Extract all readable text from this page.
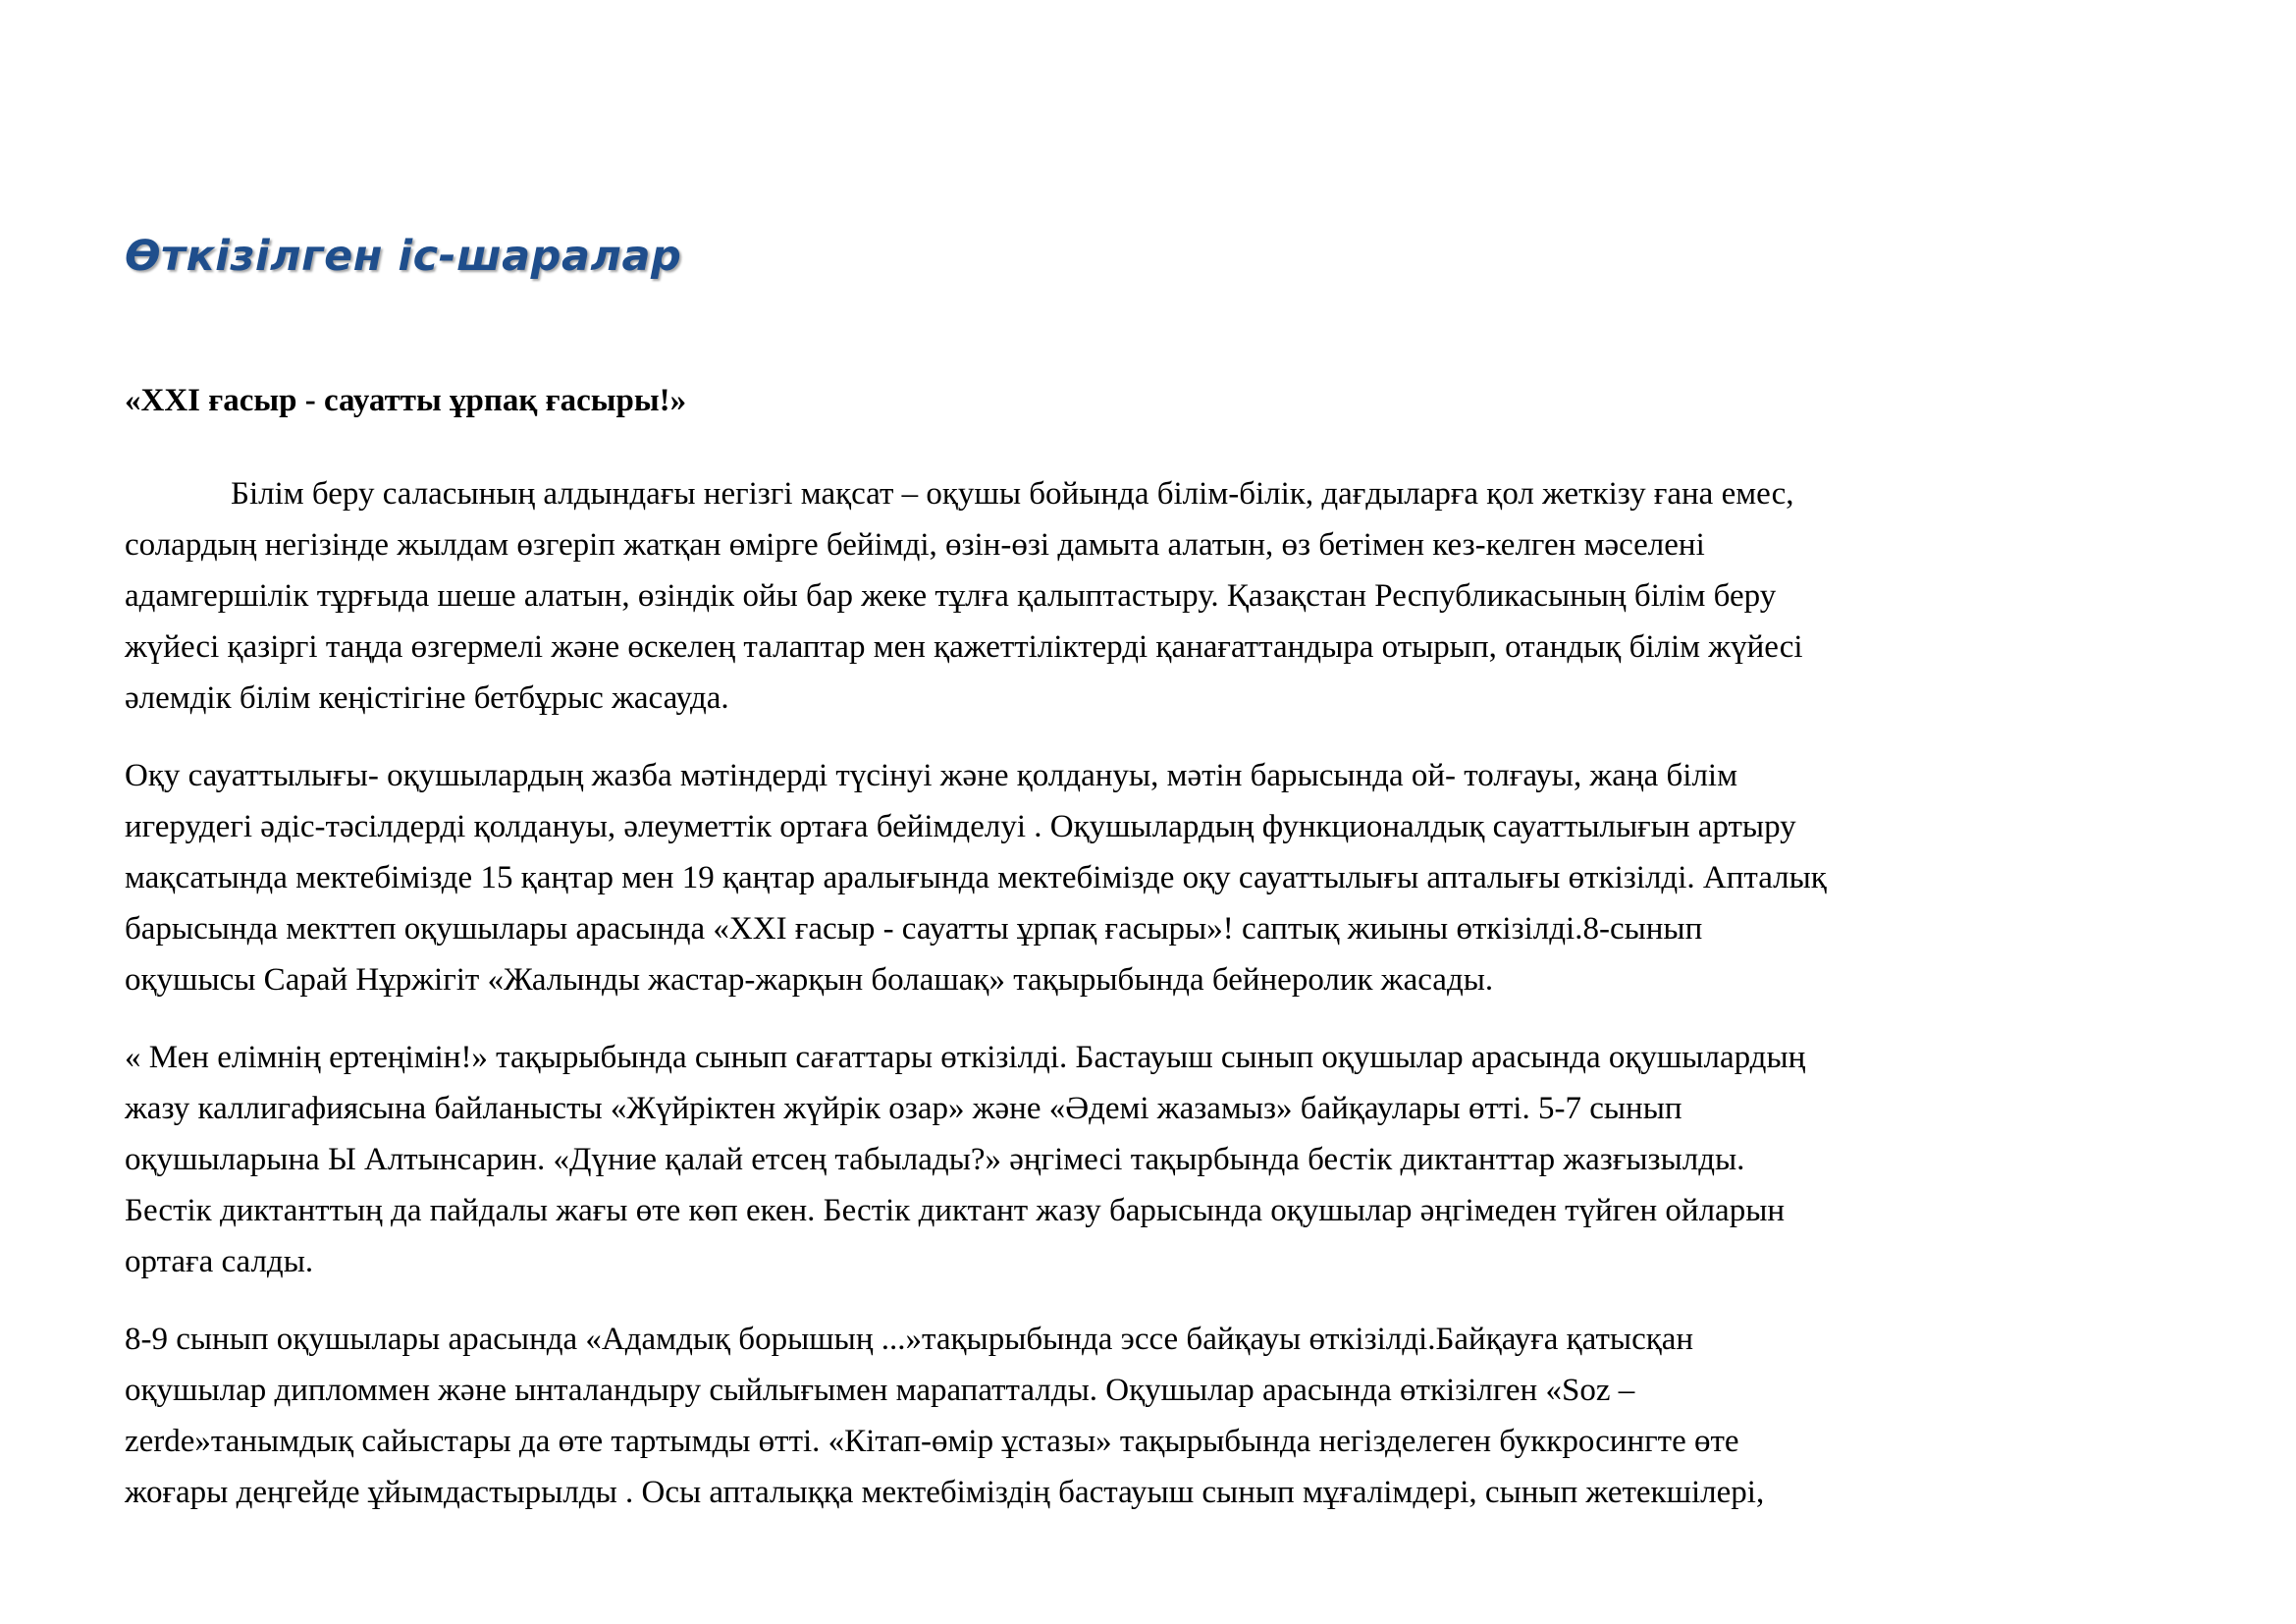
Өткізілген іс-шаралар
«XXI ғасыр - сауатты ұрпақ ғасыры!»

Білім беру саласының алдындағы негізгі мақсат – оқушы бойында білім-білік, дағдыларға қол жеткізу ғана емес,
солардың негізінде жылдам өзгеріп жатқан өмірге бейімді, өзін-өзі дамыта алатын, өз бетімен кез-келген мәселені
адамгершілік тұрғыда шеше алатын, өзіндік ойы бар жеке тұлға қалыптастыру. Қазақстан Республикасының білім беру
жүйесі қазіргі таңда өзгермелі және өскелең талаптар мен қажеттіліктерді қанағаттандыра отырып, отандық білім жүйесі
әлемдік білім кеңістігіне бетбұрыс жасауда.

Оқу сауаттылығы- оқушылардың жазба мәтіндерді түсінуі және қолдануы, мәтін барысында ой- толғауы, жаңа білім
игерудегі әдіс-тәсілдерді қолдануы, әлеуметтік ортаға бейімделуі . Оқушылардың функционалдық сауаттылығын артыру
мақсатында мектебімізде 15 қаңтар мен 19 қаңтар аралығында мектебімізде оқу сауаттылығы апталығы өткізілді. Апталық
барысында мекттеп оқушылары арасында «XXI ғасыр - сауатты ұрпақ ғасыры»! саптық жиыны өткізілді.8-сынып
оқушысы Сарай Нұржігіт «Жалынды жастар-жарқын болашақ» тақырыбында бейнеролик жасады.

« Мен елімнің ертеңімін!» тақырыбында сынып сағаттары өткізілді. Бастауыш сынып оқушылар арасында оқушылардың
жазу каллигафиясына байланысты «Жүйріктен жүйрік озар» және «Әдемі жазамыз» байқаулары өтті. 5-7 сынып
оқушыларына Ы Алтынсарин. «Дүние қалай етсең табылады?» әңгімесі тақырбында бестік диктанттар жазғызылды.
Бестік диктанттың да пайдалы жағы өте көп екен. Бестік диктант жазу барысында оқушылар әңгімеден түйген ойларын
ортаға салды.

8-9 сынып оқушылары арасында «Адамдық борышың ...»тақырыбында эссе байқауы өткізілді.Байқауға қатысқан
оқушылар дипломмен және ынталандыру сыйлығымен марапатталды. Оқушылар арасында өткізілген «Soz –
zerde»танымдық сайыстары да өте тартымды өтті. «Кітап-өмір ұстазы» тақырыбында негізделеген буккросингте өте
жоғары деңгейде ұйымдастырылды . Осы апталыққа мектебіміздің бастауыш сынып мұғалімдері, сынып жетекшілері,
